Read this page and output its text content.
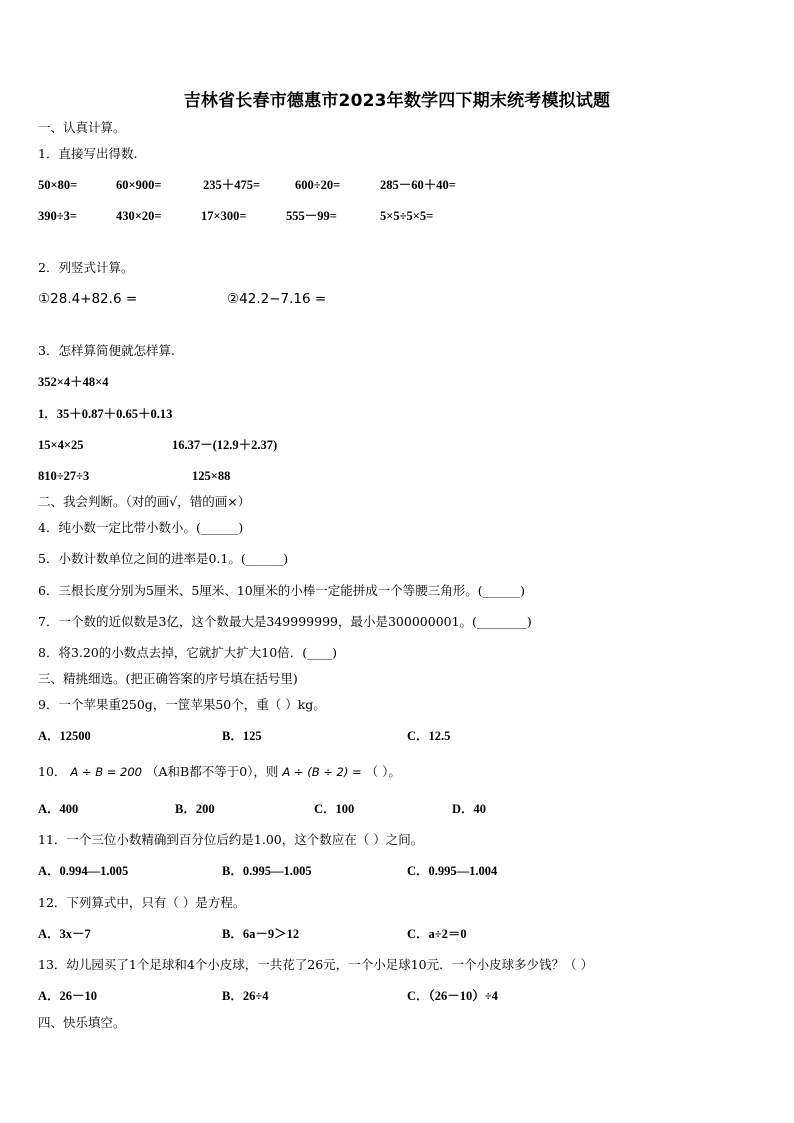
吉林省长春市德惠市2023年数学四下期末统考模拟试题
一、认真计算。
1．直接写出得数.
50×80=	60×900=	235＋475=	600÷20=	285－60＋40=
390÷3=	430×20=	17×300=	555－99=	5×5÷5×5=
2．列竖式计算。
①28.4+82.6 =	②42.2−7.16 =
3．怎样算简便就怎样算.
352×4＋48×4
1．35＋0.87＋0.65＋0.13
15×4×25	16.37－(12.9＋2.37)
810÷27÷3	125×88
二、我会判断。（对的画√，错的画×）
4．纯小数一定比带小数小。(______)
5．小数计数单位之间的进率是0.1。(______)
6．三根长度分别为5厘米、5厘米、10厘米的小棒一定能拼成一个等腰三角形。(______)
7．一个数的近似数是3亿，这个数最大是349999999，最小是300000001。(________)
8．将3.20的小数点去掉，它就扩大扩大10倍．(____)
三、精挑细选。(把正确答案的序号填在括号里)
9．一个苹果重250g，一筐苹果50个，重（ ）kg。
A．12500	B．125	C．12.5
10． A ÷ B = 200 （A和B都不等于0），则 A ÷ (B ÷ 2) = （ ）。
A．400	B．200	C．100	D．40
11．一个三位小数精确到百分位后约是1.00，这个数应在（ ）之间。
A．0.994—1.005	B．0.995—1.005	C．0.995—1.004
12．下列算式中，只有（ ）是方程。
A．3x－7	B．6a－9＞12	C．a÷2＝0
13．幼儿园买了1个足球和4个小皮球，一共花了26元，一个小足球10元．一个小皮球多少钱？（ ）
A．26－10	B．26÷4	C．（26－10）÷4
四、快乐填空。
